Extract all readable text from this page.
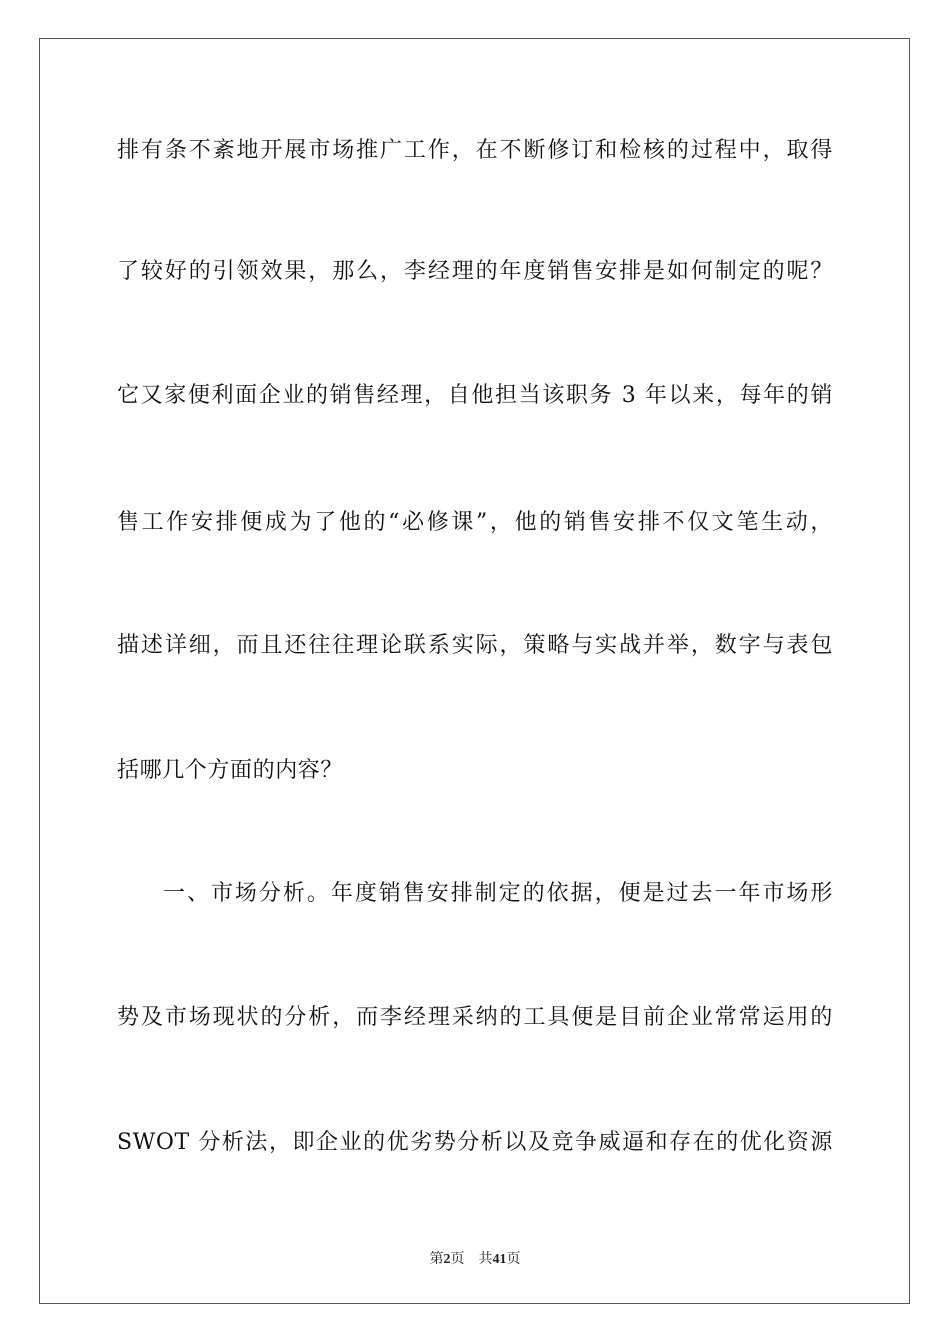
排有条不紊地开展市场推广工作，在不断修订和检核的过程中，取得
了较好的引领效果，那么，李经理的年度销售安排是如何制定的呢？
它又家便利面企业的销售经理，自他担当该职务 3 年以来，每年的销
售工作安排便成为了他的“必修课”，他的销售安排不仅文笔生动，
描述详细，而且还往往理论联系实际，策略与实战并举，数字与表包
括哪几个方面的内容？
一、市场分析。年度销售安排制定的依据，便是过去一年市场形
势及市场现状的分析，而李经理采纳的工具便是目前企业常常运用的
SWOT 分析法，即企业的优劣势分析以及竞争威逼和存在的优化资源
第2页 共41页
